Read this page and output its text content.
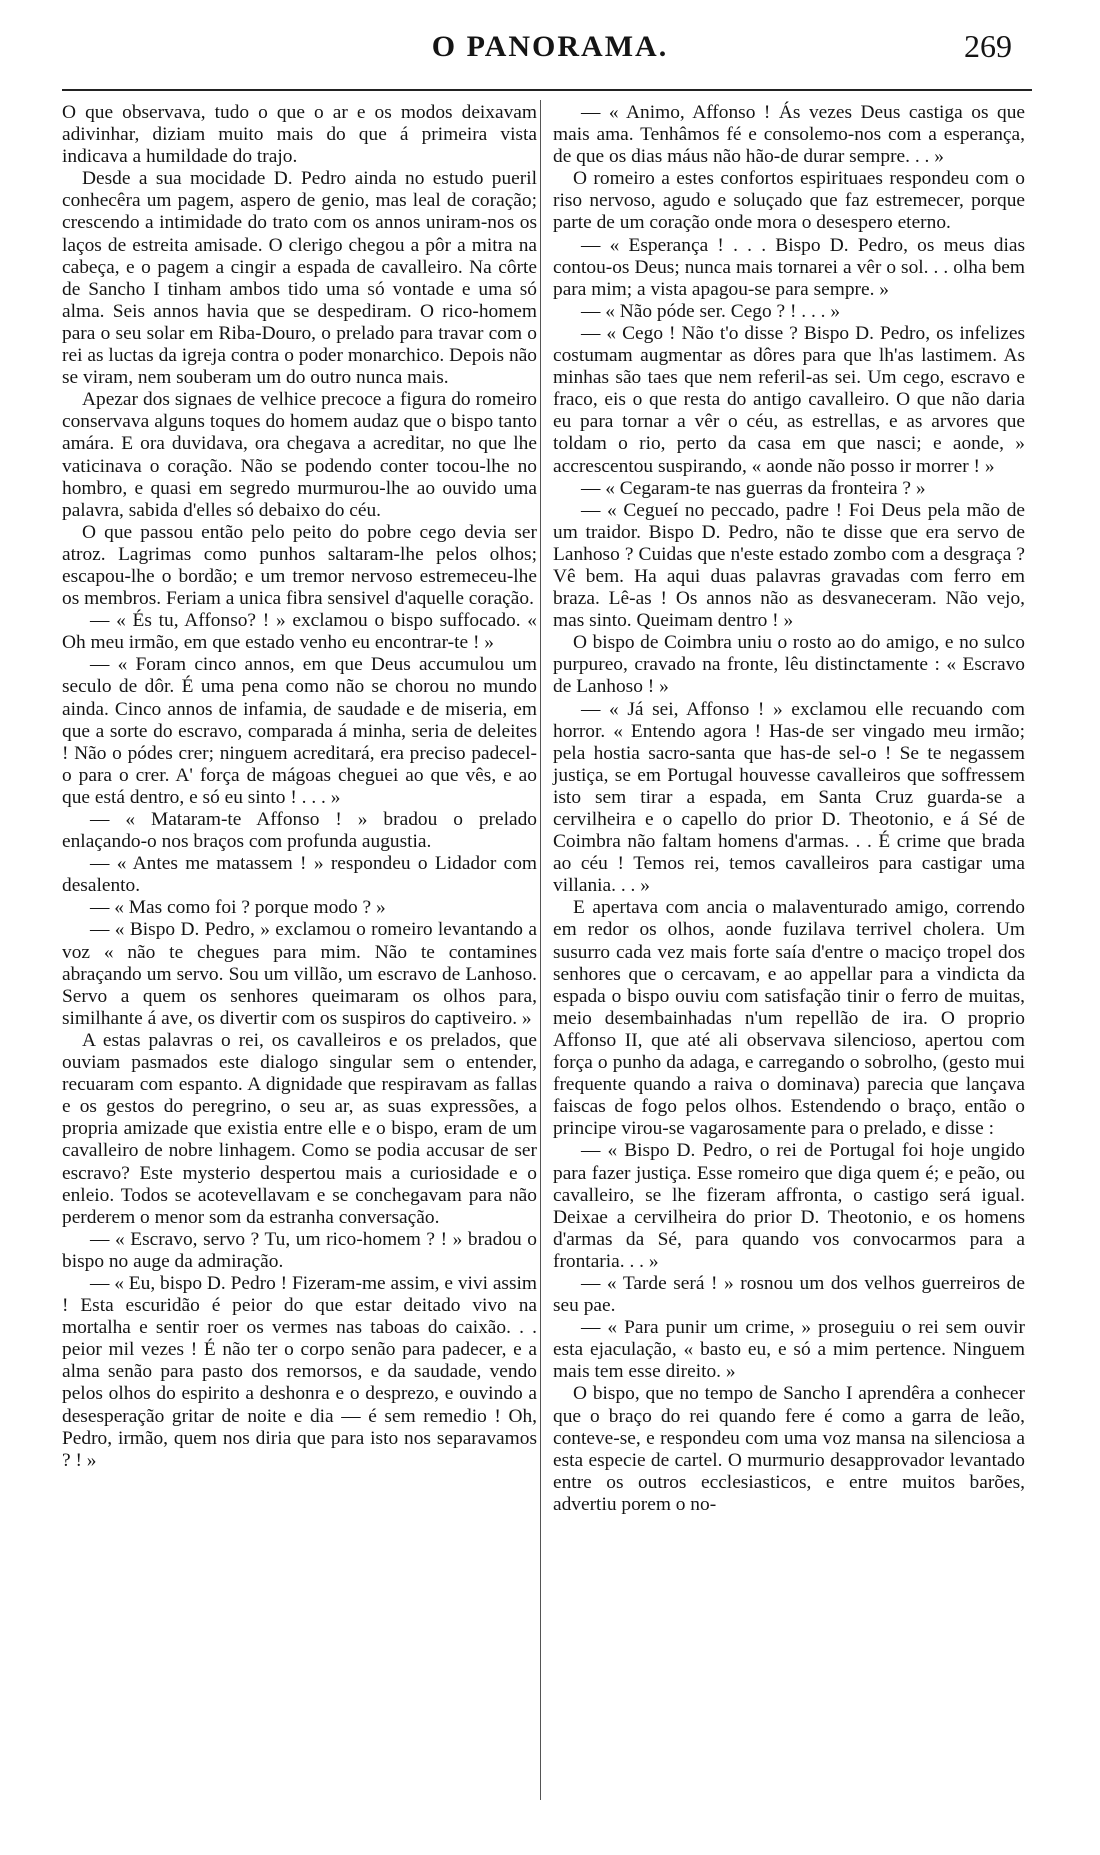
O PANORAMA.	269

O que observava, tudo o que o ar e os modos deixavam adivinhar, diziam muito mais do que á primeira vista indicava a humildade do trajo.

Desde a sua mocidade D. Pedro ainda no estudo pueril conhecêra um pagem, aspero de genio, mas leal de coração; crescendo a intimidade do trato com os annos uniram-nos os laços de estreita amisade. O clerigo chegou a pôr a mitra na cabeça, e o pagem a cingir a espada de cavalleiro. Na côrte de Sancho I tinham ambos tido uma só vontade e uma só alma. Seis annos havia que se despediram. O rico-homem para o seu solar em Riba-Douro, o prelado para travar com o rei as luctas da igreja contra o poder monarchico. Depois não se viram, nem souberam um do outro nunca mais.

Apezar dos signaes de velhice precoce a figura do romeiro conservava alguns toques do homem audaz que o bispo tanto amára. E ora duvidava, ora chegava a acreditar, no que lhe vaticinava o coração. Não se podendo conter tocou-lhe no hombro, e quasi em segredo murmurou-lhe ao ouvido uma palavra, sabida d'elles só debaixo do céu.

O que passou então pelo peito do pobre cego devia ser atroz. Lagrimas como punhos saltaram-lhe pelos olhos; escapou-lhe o bordão; e um tremor nervoso estremeceu-lhe os membros. Feriam a unica fibra sensivel d'aquelle coração.

— « És tu, Affonso? ! » exclamou o bispo suffocado. « Oh meu irmão, em que estado venho eu encontrar-te ! »

— « Foram cinco annos, em que Deus accumulou um seculo de dôr. É uma pena como não se chorou no mundo ainda. Cinco annos de infamia, de saudade e de miseria, em que a sorte do escravo, comparada á minha, seria de deleites ! Não o pódes crer; ninguem acreditará, era preciso padecel-o para o crer. A' força de mágoas cheguei ao que vês, e ao que está dentro, e só eu sinto ! . . . »

— « Mataram-te Affonso ! » bradou o prelado enlaçando-o nos braços com profunda augustia.

— « Antes me matassem ! » respondeu o Lidador com desalento.

— « Mas como foi ? porque modo ? »

— « Bispo D. Pedro, » exclamou o romeiro levantando a voz « não te chegues para mim. Não te contamines abraçando um servo. Sou um villão, um escravo de Lanhoso. Servo a quem os senhores queimaram os olhos para, similhante á ave, os divertir com os suspiros do captiveiro. »

A estas palavras o rei, os cavalleiros e os prelados, que ouviam pasmados este dialogo singular sem o entender, recuaram com espanto. A dignidade que respiravam as fallas e os gestos do peregrino, o seu ar, as suas expressões, a propria amizade que existia entre elle e o bispo, eram de um cavalleiro de nobre linhagem. Como se podia accusar de ser escravo? Este mysterio despertou mais a curiosidade e o enleio. Todos se acotevellavam e se conchegavam para não perderem o menor som da estranha conversação.

— « Escravo, servo ? Tu, um rico-homem ? ! » bradou o bispo no auge da admiração.

— « Eu, bispo D. Pedro ! Fizeram-me assim, e vivi assim ! Esta escuridão é peior do que estar deitado vivo na mortalha e sentir roer os vermes nas taboas do caixão. . . peior mil vezes ! É não ter o corpo senão para padecer, e a alma senão para pasto dos remorsos, e da saudade, vendo pelos olhos do espirito a deshonra e o desprezo, e ouvindo a desesperação gritar de noite e dia — é sem remedio ! Oh, Pedro, irmão, quem nos diria que para isto nos separavamos ? ! »

— « Animo, Affonso ! Ás vezes Deus castiga os que mais ama. Tenhâmos fé e consolemo-nos com a esperança, de que os dias máus não hão-de durar sempre. . . »

O romeiro a estes confortos espirituaes respondeu com o riso nervoso, agudo e soluçado que faz estremecer, porque parte de um coração onde mora o desespero eterno.

— « Esperança ! . . . Bispo D. Pedro, os meus dias contou-os Deus; nunca mais tornarei a vêr o sol. . . olha bem para mim; a vista apagou-se para sempre. »

— « Não póde ser. Cego ? ! . . . »

— « Cego ! Não t'o disse ? Bispo D. Pedro, os infelizes costumam augmentar as dôres para que lh'as lastimem. As minhas são taes que nem referil-as sei. Um cego, escravo e fraco, eis o que resta do antigo cavalleiro. O que não daria eu para tornar a vêr o céu, as estrellas, e as arvores que toldam o rio, perto da casa em que nasci; e aonde, » accrescentou suspirando, « aonde não posso ir morrer ! »

— « Cegaram-te nas guerras da fronteira ? »

— « Cegueí no peccado, padre ! Foi Deus pela mão de um traidor. Bispo D. Pedro, não te disse que era servo de Lanhoso ? Cuidas que n'este estado zombo com a desgraça ? Vê bem. Ha aqui duas palavras gravadas com ferro em braza. Lê-as ! Os annos não as desvaneceram. Não vejo, mas sinto. Queimam dentro ! »

O bispo de Coimbra uniu o rosto ao do amigo, e no sulco purpureo, cravado na fronte, lêu distinctamente : « Escravo de Lanhoso ! »

— « Já sei, Affonso ! » exclamou elle recuando com horror. « Entendo agora ! Has-de ser vingado meu irmão; pela hostia sacro-santa que has-de sel-o ! Se te negassem justiça, se em Portugal houvesse cavalleiros que soffressem isto sem tirar a espada, em Santa Cruz guarda-se a cervilheira e o capello do prior D. Theotonio, e á Sé de Coimbra não faltam homens d'armas. . . É crime que brada ao céu ! Temos rei, temos cavalleiros para castigar uma villania. . . »

E apertava com ancia o malaventurado amigo, correndo em redor os olhos, aonde fuzilava terrivel cholera. Um susurro cada vez mais forte saía d'entre o maciço tropel dos senhores que o cercavam, e ao appellar para a vindicta da espada o bispo ouviu com satisfação tinir o ferro de muitas, meio desembainhadas n'um repellão de ira. O proprio Affonso II, que até ali observava silencioso, apertou com força o punho da adaga, e carregando o sobrolho, (gesto mui frequente quando a raiva o dominava) parecia que lançava faiscas de fogo pelos olhos. Estendendo o braço, então o principe virou-se vagarosamente para o prelado, e disse :

— « Bispo D. Pedro, o rei de Portugal foi hoje ungido para fazer justiça. Esse romeiro que diga quem é; e peão, ou cavalleiro, se lhe fizeram affronta, o castigo será igual. Deixae a cervilheira do prior D. Theotonio, e os homens d'armas da Sé, para quando vos convocarmos para a frontaria. . . »

— « Tarde será ! » rosnou um dos velhos guerreiros de seu pae.

— « Para punir um crime, » proseguiu o rei sem ouvir esta ejaculação, « basto eu, e só a mim pertence. Ninguem mais tem esse direito. »

O bispo, que no tempo de Sancho I aprendêra a conhecer que o braço do rei quando fere é como a garra de leão, conteve-se, e respondeu com uma voz mansa na silenciosa a esta especie de cartel. O murmurio desapprovador levantado entre os outros ecclesiasticos, e entre muitos barões, advertiu porem o no-
